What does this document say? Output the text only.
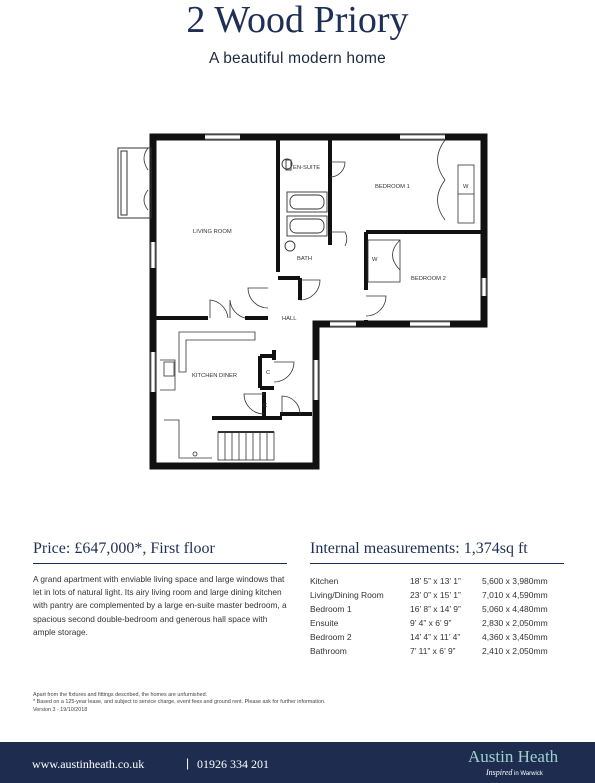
2 Wood Priory
A beautiful modern home
EN-SUITE
BEDROOM 1
LIVING ROOM
BATH
BEDROOM 2
HALL
KITCHEN DINER
W
W
C
C
Price: £647,000*, First floor
A grand apartment with enviable living space and large windows that let in lots of natural light. Its airy living room and large dining kitchen with pantry are complemented by a large en-suite master bedroom, a spacious second double-bedroom and generous hall space with ample storage.
Internal measurements: 1,374sq ft
Kitchen	18’ 5” x 13’ 1”	5,600 x 3,980mm
Living/Dining Room	23’ 0” x 15’ 1”	7,010 x 4,590mm
Bedroom 1	16’ 8” x 14’ 9”	5,060 x 4,480mm
Ensuite	9’ 4” x 6’ 9”	2,830 x 2,050mm
Bedroom 2	14’ 4” x 11’ 4”	4,360 x 3,450mm
Bathroom	7’ 11” x 6’ 9”	2,410 x 2,050mm
Apart from the fixtures and fittings described, the homes are unfurnished.
* Based on a 125-year lease, and subject to service charge, event fees and ground rent. Please ask for further information.
Version 3 - 19/10/2018
www.austinheath.co.uk	| 01926 334 201	Austin Heath
Inspired in Warwick
